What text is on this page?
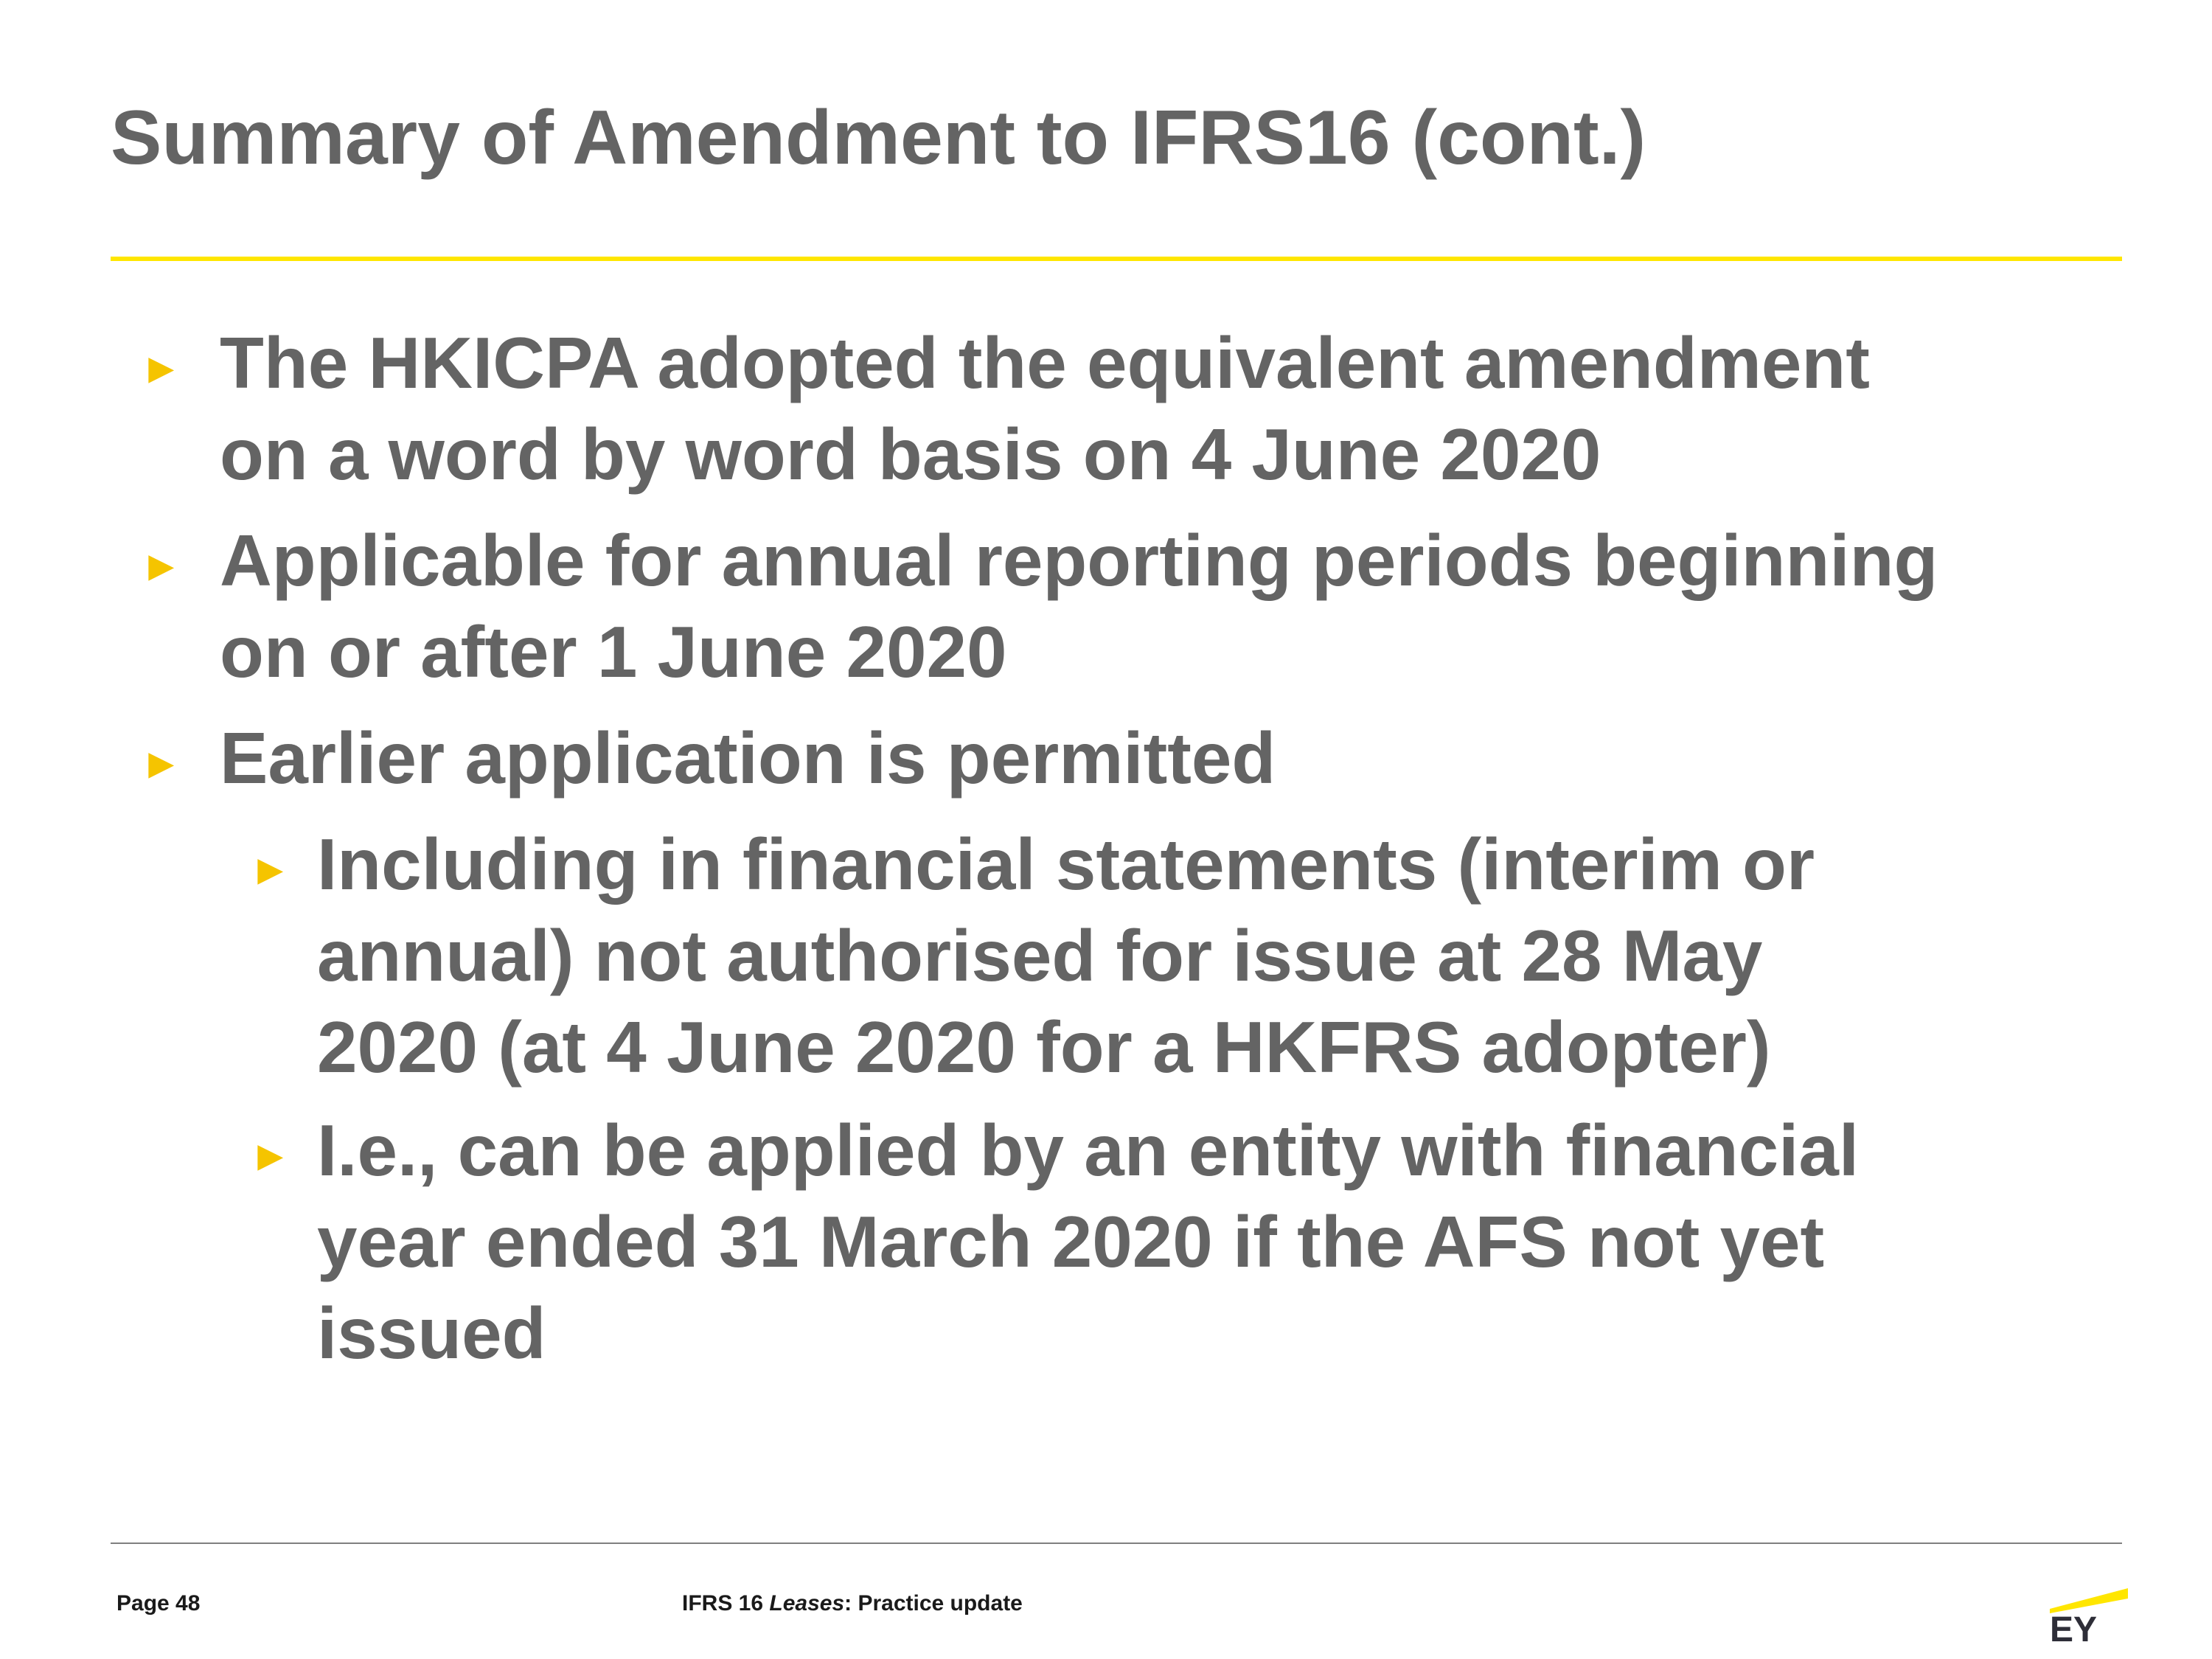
Summary of Amendment to IFRS16 (cont.)
► The HKICPA adopted the equivalent amendment
on a word by word basis on 4 June 2020
► Applicable for annual reporting periods beginning
on or after 1 June 2020
► Earlier application is permitted
► Including in financial statements (interim or
annual) not authorised for issue at 28 May
2020 (at 4 June 2020 for a HKFRS adopter)
► I.e., can be applied by an entity with financial
year ended 31 March 2020 if the AFS not yet
issued
Page 48	IFRS 16 Leases: Practice update
EY
